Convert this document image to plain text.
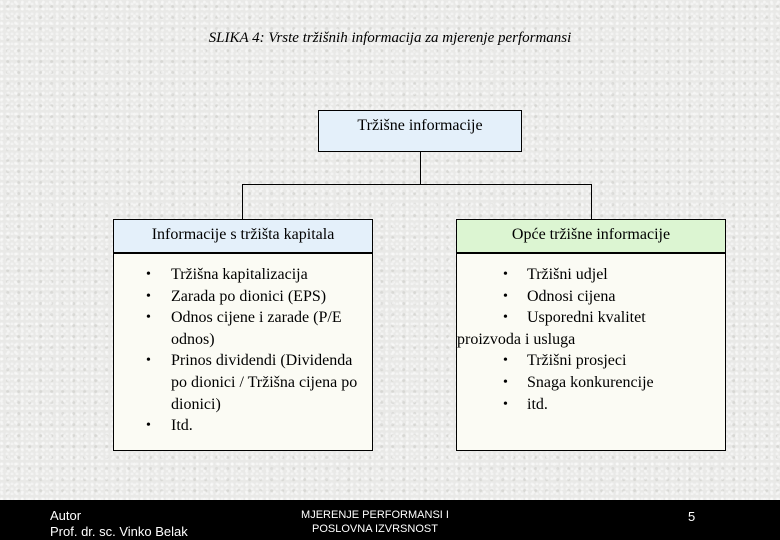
SLIKA 4: Vrste tržišnih informacija za mjerenje performansi
Tržišne informacije
Informacije s tržišta kapitala
• Tržišna kapitalizacija
• Zarada po dionici (EPS)
• Odnos cijene i zarade (P/E odnos)
• Prinos dividendi (Dividenda po dionici / Tržišna cijena po dionici)
• Itd.
Opće tržišne informacije
• Tržišni udjel
• Odnosi cijena
• Usporedni kvalitet
proizvoda i usluga
• Tržišni prosjeci
• Snaga konkurencije
• itd.
Autor
Prof. dr. sc. Vinko Belak
MJERENJE PERFORMANSI I
POSLOVNA IZVRSNOST
5
